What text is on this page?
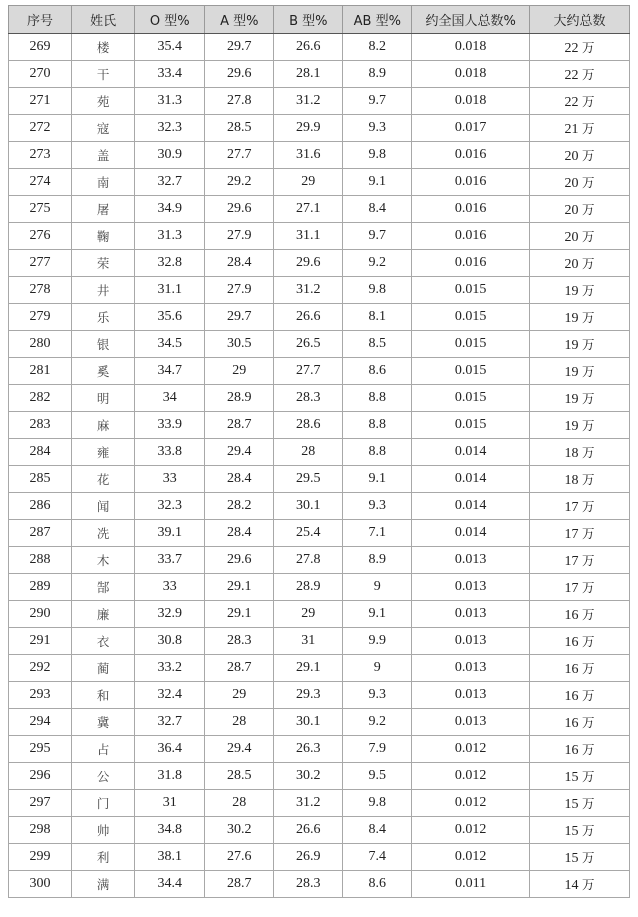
序号	姓氏	O 型%	A 型%	B 型%	AB 型%	约全国人总数%	大约总数
269	楼	35.4	29.7	26.6	8.2	0.018	22 万
270	干	33.4	29.6	28.1	8.9	0.018	22 万
271	苑	31.3	27.8	31.2	9.7	0.018	22 万
272	寇	32.3	28.5	29.9	9.3	0.017	21 万
273	盖	30.9	27.7	31.6	9.8	0.016	20 万
274	南	32.7	29.2	29	9.1	0.016	20 万
275	屠	34.9	29.6	27.1	8.4	0.016	20 万
276	鞠	31.3	27.9	31.1	9.7	0.016	20 万
277	荣	32.8	28.4	29.6	9.2	0.016	20 万
278	井	31.1	27.9	31.2	9.8	0.015	19 万
279	乐	35.6	29.7	26.6	8.1	0.015	19 万
280	银	34.5	30.5	26.5	8.5	0.015	19 万
281	奚	34.7	29	27.7	8.6	0.015	19 万
282	明	34	28.9	28.3	8.8	0.015	19 万
283	麻	33.9	28.7	28.6	8.8	0.015	19 万
284	雍	33.8	29.4	28	8.8	0.014	18 万
285	花	33	28.4	29.5	9.1	0.014	18 万
286	闻	32.3	28.2	30.1	9.3	0.014	17 万
287	冼	39.1	28.4	25.4	7.1	0.014	17 万
288	木	33.7	29.6	27.8	8.9	0.013	17 万
289	郜	33	29.1	28.9	9	0.013	17 万
290	廉	32.9	29.1	29	9.1	0.013	16 万
291	衣	30.8	28.3	31	9.9	0.013	16 万
292	蔺	33.2	28.7	29.1	9	0.013	16 万
293	和	32.4	29	29.3	9.3	0.013	16 万
294	冀	32.7	28	30.1	9.2	0.013	16 万
295	占	36.4	29.4	26.3	7.9	0.012	16 万
296	公	31.8	28.5	30.2	9.5	0.012	15 万
297	门	31	28	31.2	9.8	0.012	15 万
298	帅	34.8	30.2	26.6	8.4	0.012	15 万
299	利	38.1	27.6	26.9	7.4	0.012	15 万
300	满	34.4	28.7	28.3	8.6	0.011	14 万
